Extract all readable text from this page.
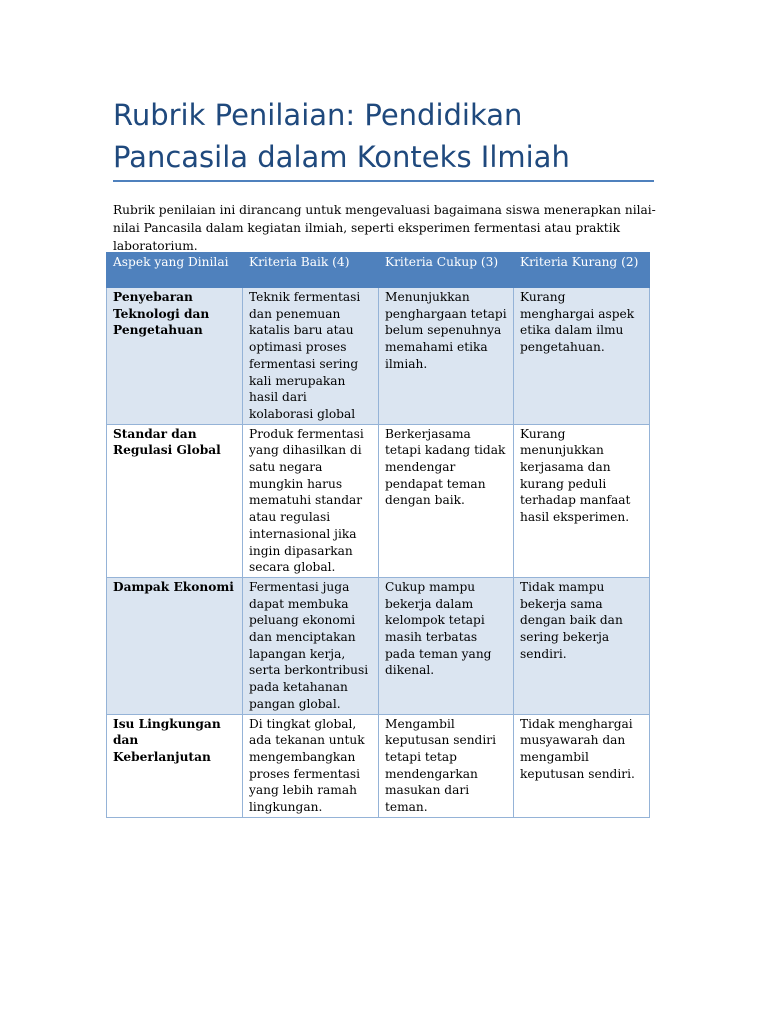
Rubrik Penilaian: Pendidikan Pancasila dalam Konteks Ilmiah

Rubrik penilaian ini dirancang untuk mengevaluasi bagaimana siswa menerapkan nilai-nilai Pancasila dalam kegiatan ilmiah, seperti eksperimen fermentasi atau praktik laboratorium.

Aspek yang Dinilai	Kriteria Baik (4)	Kriteria Cukup (3)	Kriteria Kurang (2)
Penyebaran Teknologi dan Pengetahuan	Teknik fermentasi dan penemuan katalis baru atau optimasi proses fermentasi sering kali merupakan hasil dari kolaborasi global	Menunjukkan penghargaan tetapi belum sepenuhnya memahami etika ilmiah.	Kurang menghargai aspek etika dalam ilmu pengetahuan.
Standar dan Regulasi Global	Produk fermentasi yang dihasilkan di satu negara mungkin harus mematuhi standar atau regulasi internasional jika ingin dipasarkan secara global.	Berkerjasama tetapi kadang tidak mendengar pendapat teman dengan baik.	Kurang menunjukkan kerjasama dan kurang peduli terhadap manfaat hasil eksperimen.
Dampak Ekonomi	Fermentasi juga dapat membuka peluang ekonomi dan menciptakan lapangan kerja, serta berkontribusi pada ketahanan pangan global.	Cukup mampu bekerja dalam kelompok tetapi masih terbatas pada teman yang dikenal.	Tidak mampu bekerja sama dengan baik dan sering bekerja sendiri.
Isu Lingkungan dan Keberlanjutan	Di tingkat global, ada tekanan untuk mengembangkan proses fermentasi yang lebih ramah lingkungan.	Mengambil keputusan sendiri tetapi tetap mendengarkan masukan dari teman.	Tidak menghargai musyawarah dan mengambil keputusan sendiri.
